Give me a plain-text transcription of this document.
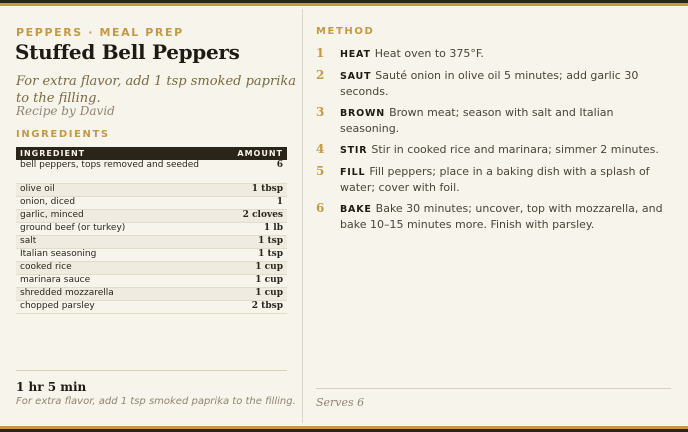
PEPPERS · MEAL PREP
Stuffed Bell Peppers

For extra flavor, add 1 tsp smoked paprika to the filling.

Recipe by David
INGREDIENTS
INGREDIENT	AMOUNT
bell peppers, tops removed and seeded	6
olive oil	1 tbsp
onion, diced	1
garlic, minced	2 cloves
ground beef (or turkey)	1 lb
salt	1 tsp
Italian seasoning	1 tsp
cooked rice	1 cup
marinara sauce	1 cup
shredded mozzarella	1 cup
chopped parsley	2 tbsp
1 hr 5 min
For extra flavor, add 1 tsp smoked paprika to the filling.
METHOD
1 HEAT Heat oven to 375°F.
2 SAUT Sauté onion in olive oil 5 minutes; add garlic 30 seconds.
3 BROWN Brown meat; season with salt and Italian seasoning.
4 STIR Stir in cooked rice and marinara; simmer 2 minutes.
5 FILL Fill peppers; place in a baking dish with a splash of water; cover with foil.
6 BAKE Bake 30 minutes; uncover, top with mozzarella, and bake 10–15 minutes more. Finish with parsley.
Serves 6
